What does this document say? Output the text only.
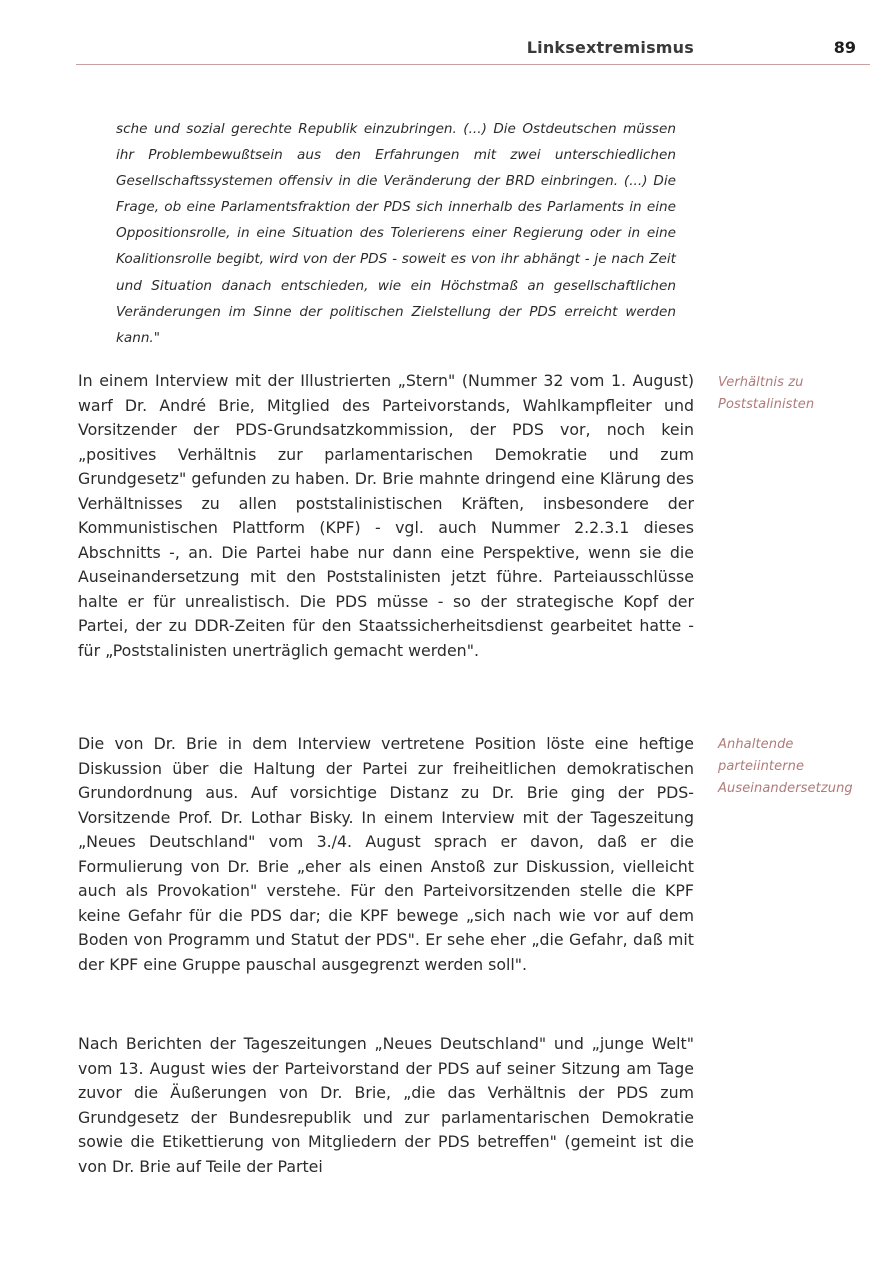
Linksextremismus	89

sche und sozial gerechte Republik einzubringen. (...) Die Ostdeutschen müssen ihr Problembewußtsein aus den Erfahrungen mit zwei unterschiedlichen Gesellschaftssystemen offensiv in die Veränderung der BRD einbringen. (...) Die Frage, ob eine Parlamentsfraktion der PDS sich innerhalb des Parlaments in eine Oppositionsrolle, in eine Situation des Tolerierens einer Regierung oder in eine Koalitionsrolle begibt, wird von der PDS - soweit es von ihr abhängt - je nach Zeit und Situation danach entschieden, wie ein Höchstmaß an gesellschaftlichen Veränderungen im Sinne der politischen Zielstellung der PDS erreicht werden kann."

In einem Interview mit der Illustrierten „Stern" (Nummer 32 vom 1. August) warf Dr. André Brie, Mitglied des Parteivorstands, Wahlkampfleiter und Vorsitzender der PDS-Grundsatzkommission, der PDS vor, noch kein „positives Verhältnis zur parlamentarischen Demokratie und zum Grundgesetz" gefunden zu haben. Dr. Brie mahnte dringend eine Klärung des Verhältnisses zu allen poststalinistischen Kräften, insbesondere der Kommunistischen Plattform (KPF) - vgl. auch Nummer 2.2.3.1 dieses Abschnitts -, an. Die Partei habe nur dann eine Perspektive, wenn sie die Auseinandersetzung mit den Poststalinisten jetzt führe. Parteiausschlüsse halte er für unrealistisch. Die PDS müsse - so der strategische Kopf der Partei, der zu DDR-Zeiten für den Staatssicherheitsdienst gearbeitet hatte - für „Poststalinisten unerträglich gemacht werden".

Verhältnis zu Poststalinisten

Die von Dr. Brie in dem Interview vertretene Position löste eine heftige Diskussion über die Haltung der Partei zur freiheitlichen demokratischen Grundordnung aus. Auf vorsichtige Distanz zu Dr. Brie ging der PDS-Vorsitzende Prof. Dr. Lothar Bisky. In einem Interview mit der Tageszeitung „Neues Deutschland" vom 3./4. August sprach er davon, daß er die Formulierung von Dr. Brie „eher als einen Anstoß zur Diskussion, vielleicht auch als Provokation" verstehe. Für den Parteivorsitzenden stelle die KPF keine Gefahr für die PDS dar; die KPF bewege „sich nach wie vor auf dem Boden von Programm und Statut der PDS". Er sehe eher „die Gefahr, daß mit der KPF eine Gruppe pauschal ausgegrenzt werden soll".

Anhaltende parteiinterne Auseinandersetzung

Nach Berichten der Tageszeitungen „Neues Deutschland" und „junge Welt" vom 13. August wies der Parteivorstand der PDS auf seiner Sitzung am Tage zuvor die Äußerungen von Dr. Brie, „die das Verhältnis der PDS zum Grundgesetz der Bundesrepublik und zur parlamentarischen Demokratie sowie die Etikettierung von Mitgliedern der PDS betreffen" (gemeint ist die von Dr. Brie auf Teile der Partei
